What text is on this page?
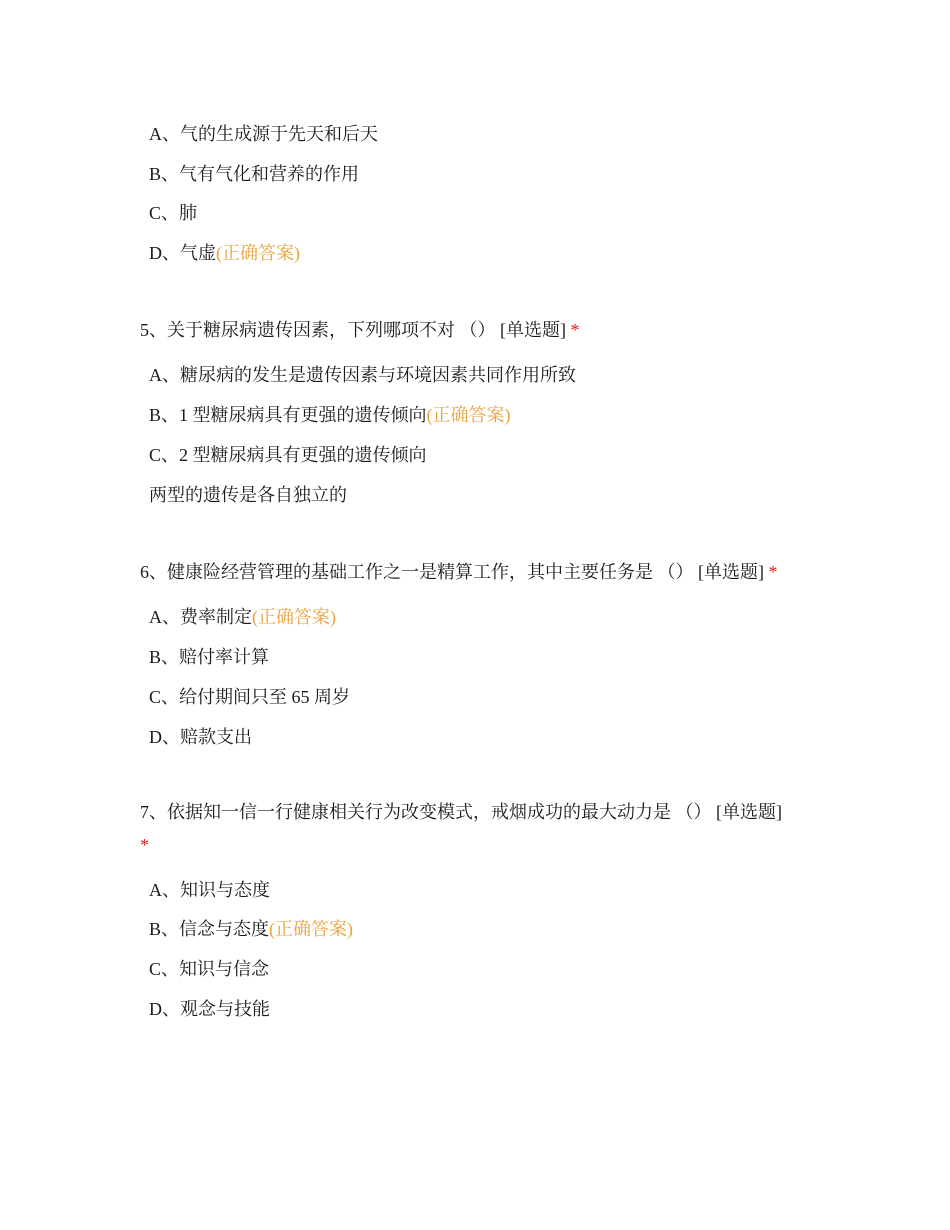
A、气的生成源于先天和后天
B、气有气化和营养的作用
C、肺
D、气虚(正确答案)
5、关于糖尿病遗传因素，下列哪项不对 （） [单选题] *
A、糖尿病的发生是遗传因素与环境因素共同作用所致
B、1 型糖尿病具有更强的遗传倾向(正确答案)
C、2 型糖尿病具有更强的遗传倾向
两型的遗传是各自独立的
6、健康险经营管理的基础工作之一是精算工作，其中主要任务是 （） [单选题] *
A、费率制定(正确答案)
B、赔付率计算
C、给付期间只至 65 周岁
D、赔款支出
7、依据知一信一行健康相关行为改变模式，戒烟成功的最大动力是 （） [单选题]
*
A、知识与态度
B、信念与态度(正确答案)
C、知识与信念
D、观念与技能
